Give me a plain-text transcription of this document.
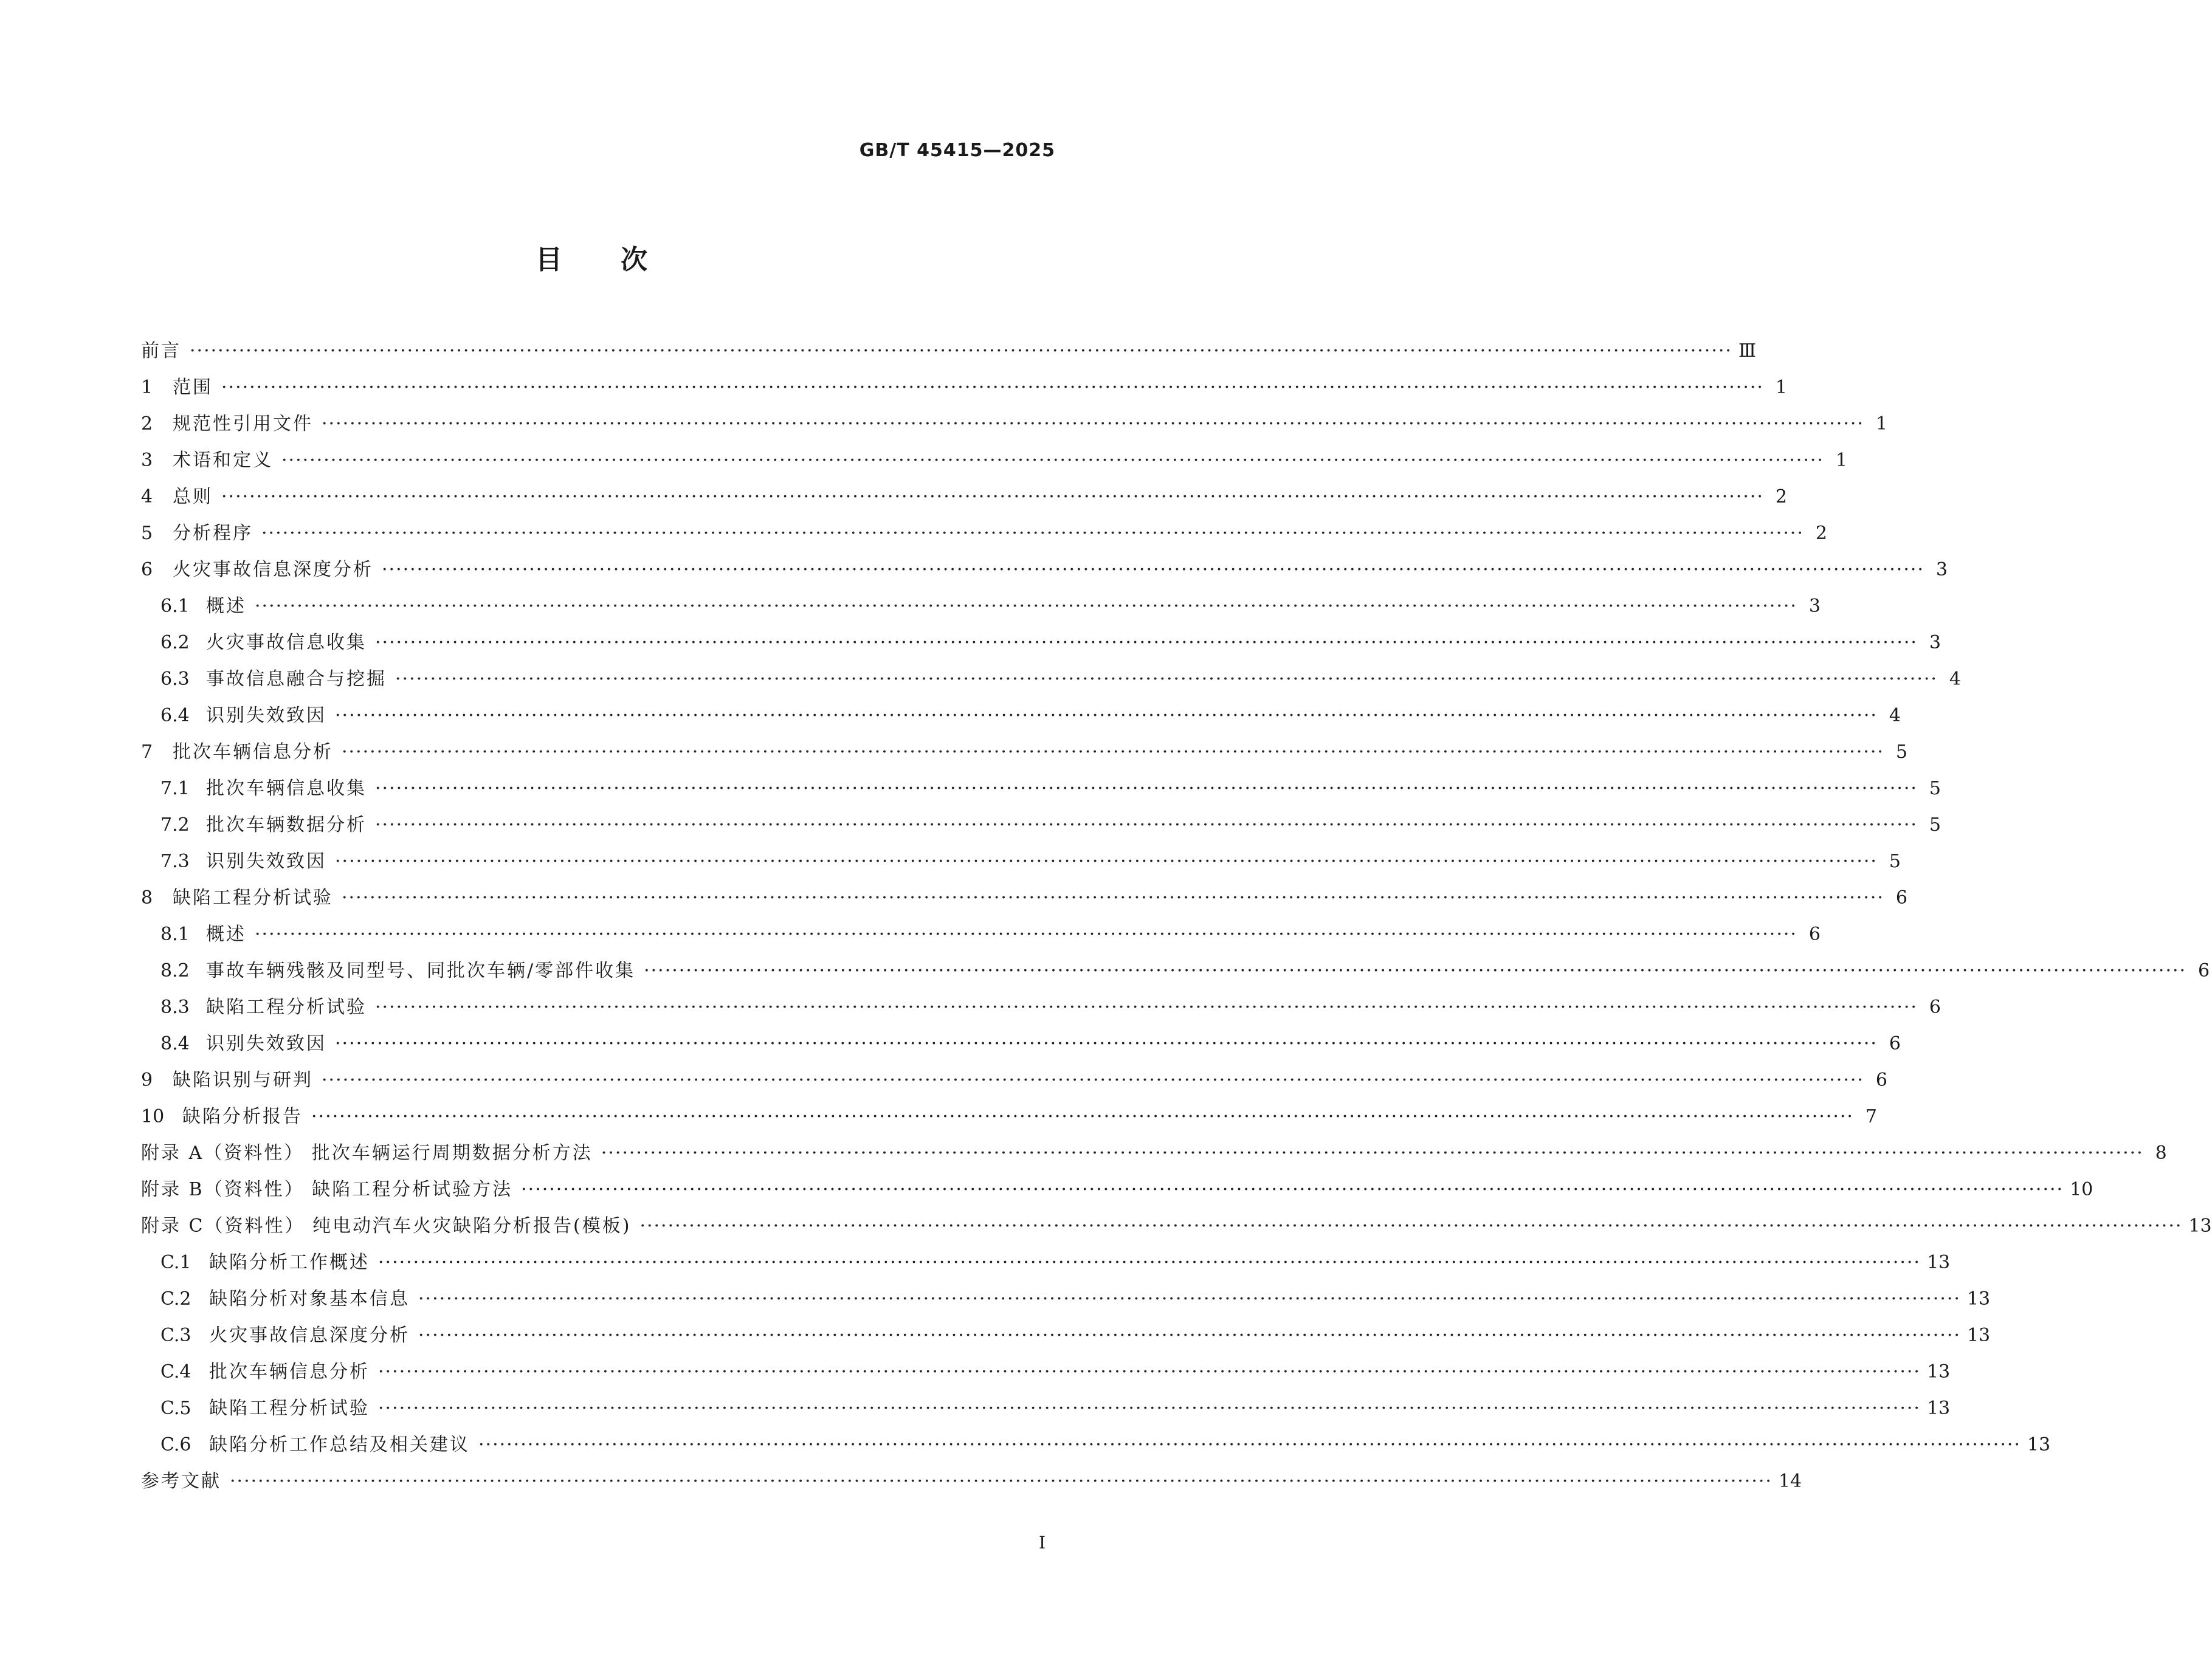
GB/T 45415—2025
目 次
前言 ···························································································································································································································· Ⅲ
1	范围 ···························································································································································································································· 1
2	规范性引用文件 ···························································································································································································································· 1
3	术语和定义 ···························································································································································································································· 1
4	总则 ···························································································································································································································· 2
5	分析程序 ···························································································································································································································· 2
6	火灾事故信息深度分析 ···························································································································································································································· 3
6.1 概述 ···························································································································································································································· 3
6.2 火灾事故信息收集 ···························································································································································································································· 3
6.3 事故信息融合与挖掘 ···························································································································································································································· 4
6.4 识别失效致因 ···························································································································································································································· 4
7	批次车辆信息分析 ···························································································································································································································· 5
7.1 批次车辆信息收集 ···························································································································································································································· 5
7.2 批次车辆数据分析 ···························································································································································································································· 5
7.3 识别失效致因 ···························································································································································································································· 5
8	缺陷工程分析试验 ···························································································································································································································· 6
8.1 概述 ···························································································································································································································· 6
8.2 事故车辆残骸及同型号、同批次车辆/零部件收集 ···························································································································································································································· 6
8.3 缺陷工程分析试验 ···························································································································································································································· 6
8.4 识别失效致因 ···························································································································································································································· 6
9	缺陷识别与研判 ···························································································································································································································· 6
10 缺陷分析报告 ···························································································································································································································· 7
附录 A（资料性） 批次车辆运行周期数据分析方法 ···························································································································································································································· 8
附录 B（资料性） 缺陷工程分析试验方法 ···························································································································································································································· 10
附录 C（资料性） 纯电动汽车火灾缺陷分析报告(模板) ···························································································································································································································· 13
C.1 缺陷分析工作概述 ···························································································································································································································· 13
C.2 缺陷分析对象基本信息 ···························································································································································································································· 13
C.3 火灾事故信息深度分析 ···························································································································································································································· 13
C.4 批次车辆信息分析 ···························································································································································································································· 13
C.5 缺陷工程分析试验 ···························································································································································································································· 13
C.6 缺陷分析工作总结及相关建议 ···························································································································································································································· 13
参考文献 ···························································································································································································································· 14
I
